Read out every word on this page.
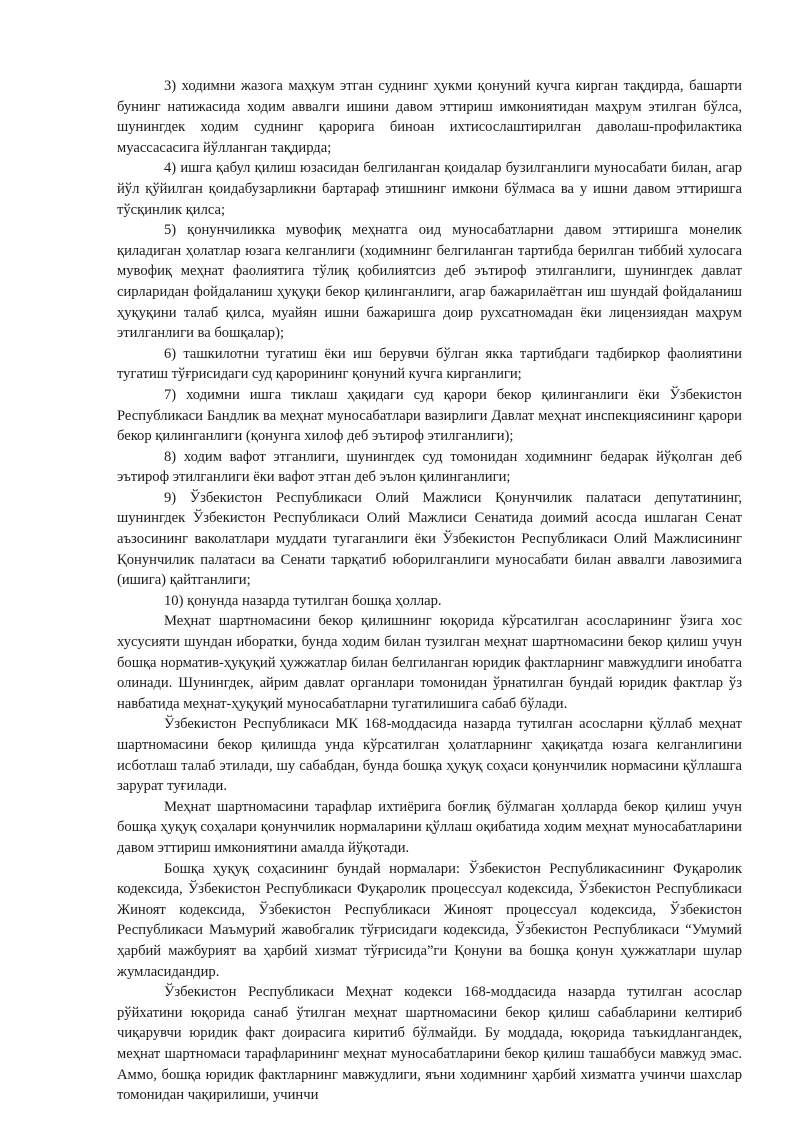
3) ходимни жазога маҳкум этган суднинг ҳукми қонуний кучга кирган тақдирда, башарти бунинг натижасида ходим аввалги ишини давом эттириш имкониятидан маҳрум этилган бўлса, шунингдек ходим суднинг қарорига биноан ихтисослаштирилган даволаш-профилактика муассасасига йўлланган тақдирда;

4) ишга қабул қилиш юзасидан белгиланган қоидалар бузилганлиги муносабати билан, агар йўл қўйилган қоидабузарликни бартараф этишнинг имкони бўлмаса ва у ишни давом эттиришга тўсқинлик қилса;

5) қонунчиликка мувофиқ меҳнатга оид муносабатларни давом эттиришга монелик қиладиган ҳолатлар юзага келганлиги (ходимнинг белгиланган тартибда берилган тиббий хулосага мувофиқ меҳнат фаолиятига тўлиқ қобилиятсиз деб эътироф этилганлиги, шунингдек давлат сирларидан фойдаланиш ҳуқуқи бекор қилинганлиги, агар бажарилаётган иш шундай фойдаланиш ҳуқуқини талаб қилса, муайян ишни бажаришга доир рухсатномадан ёки лицензиядан маҳрум этилганлиги ва бошқалар);

6) ташкилотни тугатиш ёки иш берувчи бўлган якка тартибдаги тадбиркор фаолиятини тугатиш тўғрисидаги суд қарорининг қонуний кучга кирганлиги;

7) ходимни ишга тиклаш ҳақидаги суд қарори бекор қилинганлиги ёки Ўзбекистон Республикаси Бандлик ва меҳнат муносабатлари вазирлиги Давлат меҳнат инспекциясининг қарори бекор қилинганлиги (қонунга хилоф деб эътироф этилганлиги);

8) ходим вафот этганлиги, шунингдек суд томонидан ходимнинг бедарак йўқолган деб эътироф этилганлиги ёки вафот этган деб эълон қилинганлиги;

9) Ўзбекистон Республикаси Олий Мажлиси Қонунчилик палатаси депутатининг, шунингдек Ўзбекистон Республикаси Олий Мажлиси Сенатида доимий асосда ишлаган Сенат аъзосининг ваколатлари муддати тугаганлиги ёки Ўзбекистон Республикаси Олий Мажлисининг Қонунчилик палатаси ва Сенати тарқатиб юборилганлиги муносабати билан аввалги лавозимига (ишига) қайтганлиги;

10) қонунда назарда тутилган бошқа ҳоллар.

Меҳнат шартномасини бекор қилишнинг юқорида кўрсатилган асосларининг ўзига хос хусусияти шундан иборатки, бунда ходим билан тузилган меҳнат шартномасини бекор қилиш учун бошқа норматив-ҳуқуқий ҳужжатлар билан белгиланган юридик фактларнинг мавжудлиги инобатга олинади. Шунингдек, айрим давлат органлари томонидан ўрнатилган бундай юридик фактлар ўз навбатида меҳнат-ҳуқуқий муносабатларни тугатилишига сабаб бўлади.

Ўзбекистон Республикаси МК 168-моддасида назарда тутилган асосларни қўллаб меҳнат шартномасини бекор қилишда унда кўрсатилган ҳолатларнинг ҳақиқатда юзага келганлигини исботлаш талаб этилади, шу сабабдан, бунда бошқа ҳуқуқ соҳаси қонунчилик нормасини қўллашга зарурат туғилади.

Меҳнат шартномасини тарафлар ихтиёрига боғлиқ бўлмаган ҳолларда бекор қилиш учун бошқа ҳуқуқ соҳалари қонунчилик нормаларини қўллаш оқибатида ходим меҳнат муносабатларини давом эттириш имкониятини амалда йўқотади.

Бошқа ҳуқуқ соҳасининг бундай нормалари: Ўзбекистон Республикасининг Фуқаролик кодексида, Ўзбекистон Республикаси Фуқаролик процессуал кодексида, Ўзбекистон Республикаси Жиноят кодексида, Ўзбекистон Республикаси Жиноят процессуал кодексида, Ўзбекистон Республикаси Маъмурий жавобгалик тўғрисидаги кодексида, Ўзбекистон Республикаси “Умумий ҳарбий мажбурият ва ҳарбий хизмат тўғрисида”ги Қонуни ва бошқа қонун ҳужжатлари шулар жумласидандир.

Ўзбекистон Республикаси Меҳнат кодекси 168-моддасида назарда тутилган асослар рўйхатини юқорида санаб ўтилган меҳнат шартномасини бекор қилиш сабабларини келтириб чиқарувчи юридик факт доирасига киритиб бўлмайди. Бу моддада, юқорида таъкидлангандек, меҳнат шартномаси тарафларининг меҳнат муносабатларини бекор қилиш ташаббуси мавжуд эмас. Аммо, бошқа юридик фактларнинг мавжудлиги, яъни ходимнинг ҳарбий хизматга учинчи шахслар томонидан чақирилиши, учинчи
